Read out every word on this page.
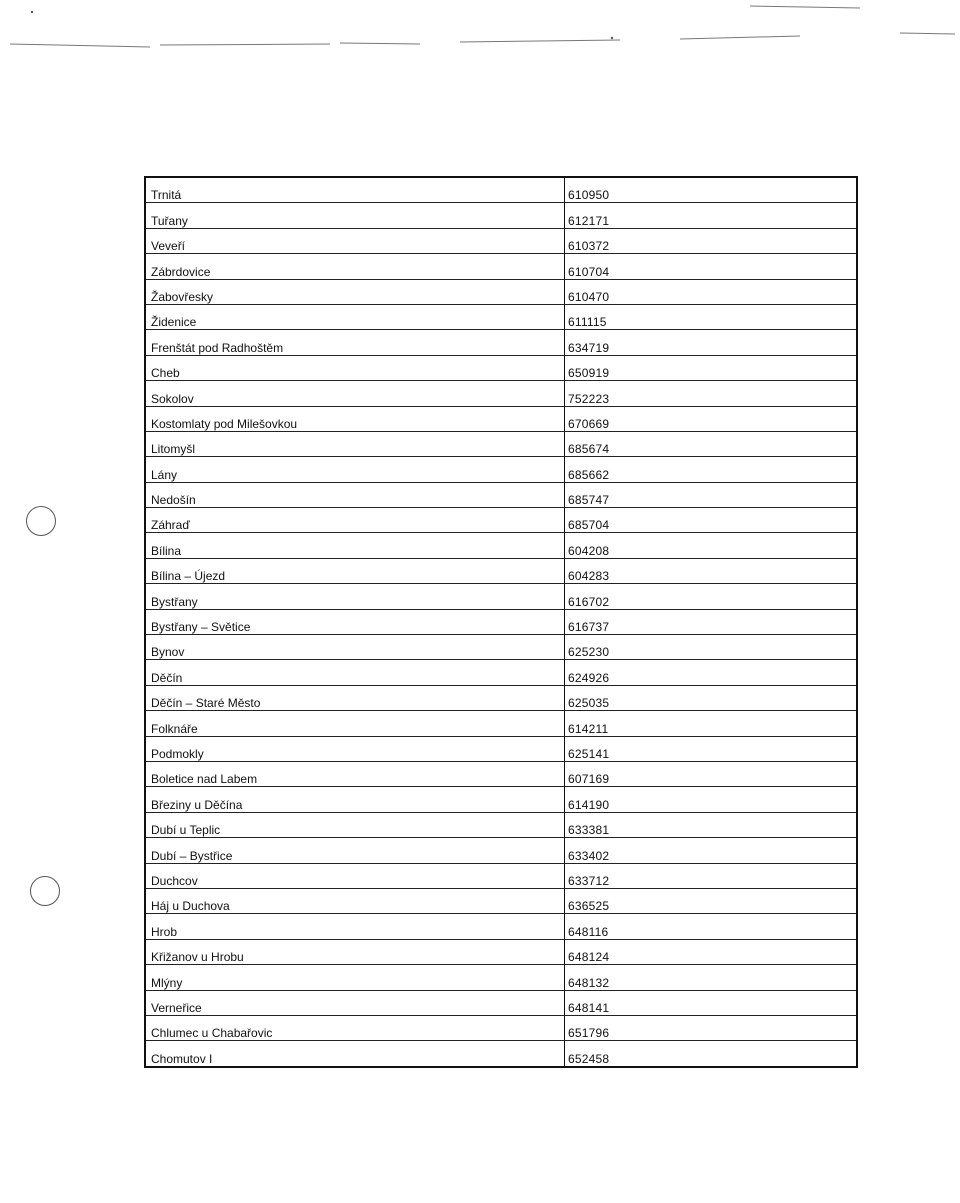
Trnitá	610950
Tuřany	612171
Veveří	610372
Zábrdovice	610704
Žabovřesky	610470
Židenice	611115
Frenštát pod Radhoštěm	634719
Cheb	650919
Sokolov	752223
Kostomlaty pod Milešovkou	670669
Litomyšl	685674
Lány	685662
Nedošín	685747
Záhraď	685704
Bílina	604208
Bílina – Újezd	604283
Bystřany	616702
Bystřany – Světice	616737
Bynov	625230
Děčín	624926
Děčín – Staré Město	625035
Folknáře	614211
Podmokly	625141
Boletice nad Labem	607169
Březiny u Děčína	614190
Dubí u Teplic	633381
Dubí – Bystřice	633402
Duchcov	633712
Háj u Duchova	636525
Hrob	648116
Křižanov u Hrobu	648124
Mlýny	648132
Verneřice	648141
Chlumec u Chabařovic	651796
Chomutov I	652458
